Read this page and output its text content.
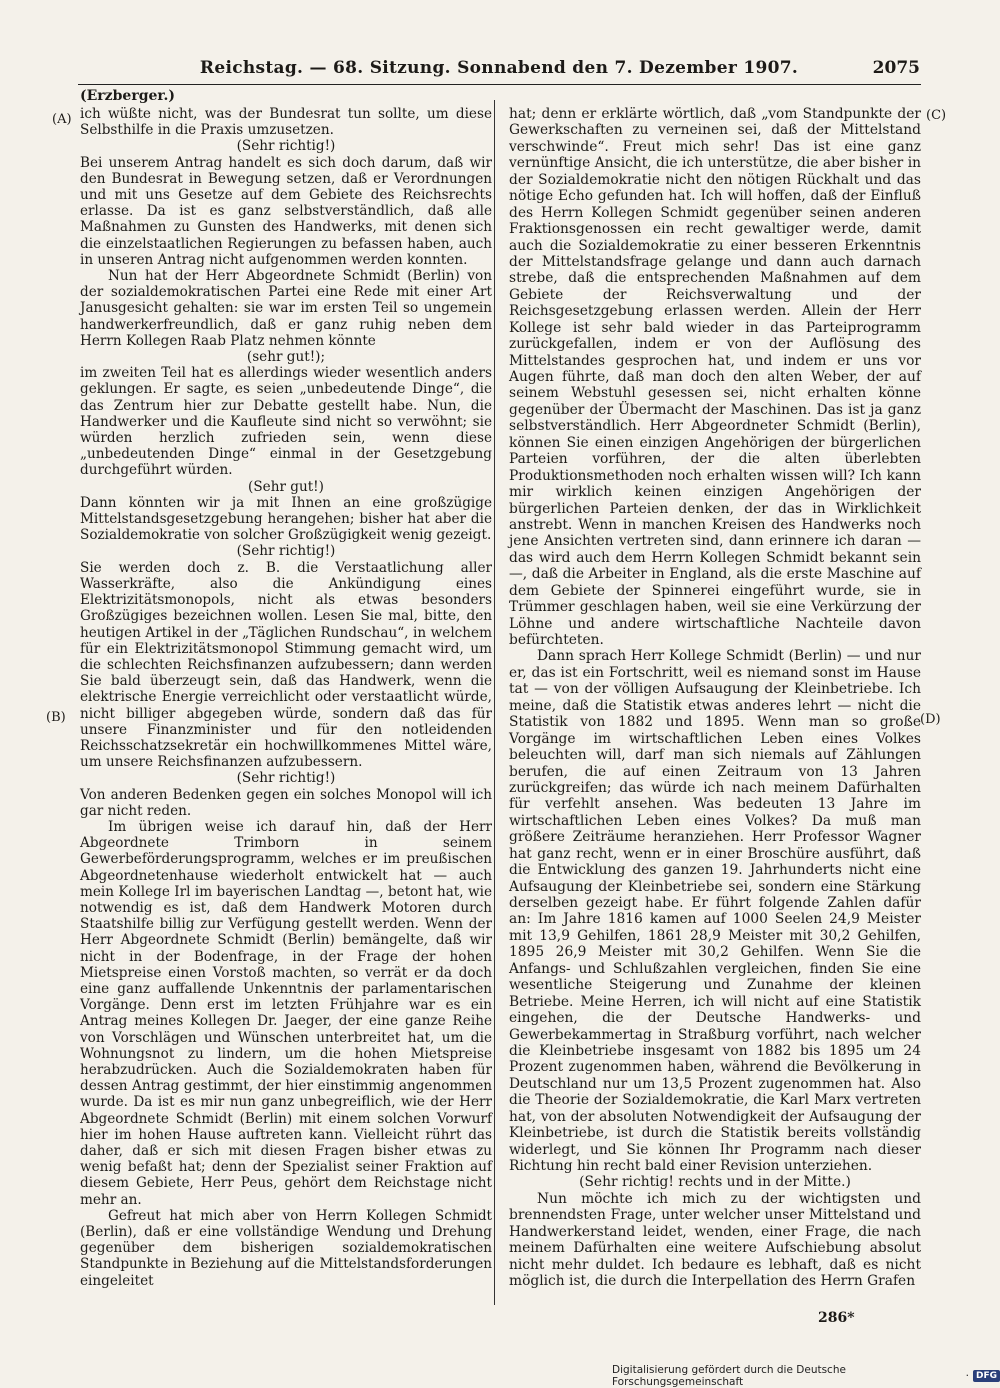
Reichstag. — 68. Sitzung. Sonnabend den 7. Dezember 1907.	2075
(Erzberger.)
(A)
(B)
(C)
(D)

ich wüßte nicht, was der Bundesrat tun sollte, um diese Selbsthilfe in die Praxis umzusetzen.

(Sehr richtig!)

Bei unserem Antrag handelt es sich doch darum, daß wir den Bundesrat in Bewegung setzen, daß er Verordnungen und mit uns Gesetze auf dem Gebiete des Reichsrechts erlasse. Da ist es ganz selbstverständlich, daß alle Maßnahmen zu Gunsten des Handwerks, mit denen sich die einzelstaatlichen Regierungen zu befassen haben, auch in unseren Antrag nicht aufgenommen werden konnten.

Nun hat der Herr Abgeordnete Schmidt (Berlin) von der sozialdemokratischen Partei eine Rede mit einer Art Janusgesicht gehalten: sie war im ersten Teil so ungemein handwerkerfreundlich, daß er ganz ruhig neben dem Herrn Kollegen Raab Platz nehmen könnte

(sehr gut!);

im zweiten Teil hat es allerdings wieder wesentlich anders geklungen. Er sagte, es seien „unbedeutende Dinge“, die das Zentrum hier zur Debatte gestellt habe. Nun, die Handwerker und die Kaufleute sind nicht so verwöhnt; sie würden herzlich zufrieden sein, wenn diese „unbedeutenden Dinge“ einmal in der Gesetzgebung durchgeführt würden.

(Sehr gut!)

Dann könnten wir ja mit Ihnen an eine großzügige Mittelstandsgesetzgebung herangehen; bisher hat aber die Sozialdemokratie von solcher Großzügigkeit wenig gezeigt.

(Sehr richtig!)

Sie werden doch z. B. die Verstaatlichung aller Wasserkräfte, also die Ankündigung eines Elektrizitätsmonopols, nicht als etwas besonders Großzügiges bezeichnen wollen. Lesen Sie mal, bitte, den heutigen Artikel in der „Täglichen Rundschau“, in welchem für ein Elektrizitätsmonopol Stimmung gemacht wird, um die schlechten Reichsfinanzen aufzubessern; dann werden Sie bald überzeugt sein, daß das Handwerk, wenn die elektrische Energie verreichlicht oder verstaatlicht würde, nicht billiger abgegeben würde, sondern daß das für unsere Finanzminister und für den notleidenden Reichsschatzsekretär ein hochwillkommenes Mittel wäre, um unsere Reichsfinanzen aufzubessern.

(Sehr richtig!)

Von anderen Bedenken gegen ein solches Monopol will ich gar nicht reden.

Im übrigen weise ich darauf hin, daß der Herr Abgeordnete Trimborn in seinem Gewerbeförderungsprogramm, welches er im preußischen Abgeordnetenhause wiederholt entwickelt hat — auch mein Kollege Irl im bayerischen Landtag —, betont hat, wie notwendig es ist, daß dem Handwerk Motoren durch Staatshilfe billig zur Verfügung gestellt werden. Wenn der Herr Abgeordnete Schmidt (Berlin) bemängelte, daß wir nicht in der Bodenfrage, in der Frage der hohen Mietspreise einen Vorstoß machten, so verrät er da doch eine ganz auffallende Unkenntnis der parlamentarischen Vorgänge. Denn erst im letzten Frühjahre war es ein Antrag meines Kollegen Dr. Jaeger, der eine ganze Reihe von Vorschlägen und Wünschen unterbreitet hat, um die Wohnungsnot zu lindern, um die hohen Mietspreise herabzudrücken. Auch die Sozialdemokraten haben für dessen Antrag gestimmt, der hier einstimmig angenommen wurde. Da ist es mir nun ganz unbegreiflich, wie der Herr Abgeordnete Schmidt (Berlin) mit einem solchen Vorwurf hier im hohen Hause auftreten kann. Vielleicht rührt das daher, daß er sich mit diesen Fragen bisher etwas zu wenig befaßt hat; denn der Spezialist seiner Fraktion auf diesem Gebiete, Herr Peus, gehört dem Reichstage nicht mehr an.

Gefreut hat mich aber von Herrn Kollegen Schmidt (Berlin), daß er eine vollständige Wendung und Drehung gegenüber dem bisherigen sozialdemokratischen Standpunkte in Beziehung auf die Mittelstandsforderungen eingeleitet

hat; denn er erklärte wörtlich, daß „vom Standpunkte der Gewerkschaften zu verneinen sei, daß der Mittelstand verschwinde“. Freut mich sehr! Das ist eine ganz vernünftige Ansicht, die ich unterstütze, die aber bisher in der Sozialdemokratie nicht den nötigen Rückhalt und das nötige Echo gefunden hat. Ich will hoffen, daß der Einfluß des Herrn Kollegen Schmidt gegenüber seinen anderen Fraktionsgenossen ein recht gewaltiger werde, damit auch die Sozialdemokratie zu einer besseren Erkenntnis der Mittelstandsfrage gelange und dann auch darnach strebe, daß die entsprechenden Maßnahmen auf dem Gebiete der Reichsverwaltung und der Reichsgesetzgebung erlassen werden. Allein der Herr Kollege ist sehr bald wieder in das Parteiprogramm zurückgefallen, indem er von der Auflösung des Mittelstandes gesprochen hat, und indem er uns vor Augen führte, daß man doch den alten Weber, der auf seinem Webstuhl gesessen sei, nicht erhalten könne gegenüber der Übermacht der Maschinen. Das ist ja ganz selbstverständlich. Herr Abgeordneter Schmidt (Berlin), können Sie einen einzigen Angehörigen der bürgerlichen Parteien vorführen, der die alten überlebten Produktionsmethoden noch erhalten wissen will? Ich kann mir wirklich keinen einzigen Angehörigen der bürgerlichen Parteien denken, der das in Wirklichkeit anstrebt. Wenn in manchen Kreisen des Handwerks noch jene Ansichten vertreten sind, dann erinnere ich daran — das wird auch dem Herrn Kollegen Schmidt bekannt sein —, daß die Arbeiter in England, als die erste Maschine auf dem Gebiete der Spinnerei eingeführt wurde, sie in Trümmer geschlagen haben, weil sie eine Verkürzung der Löhne und andere wirtschaftliche Nachteile davon befürchteten.

Dann sprach Herr Kollege Schmidt (Berlin) — und nur er, das ist ein Fortschritt, weil es niemand sonst im Hause tat — von der völligen Aufsaugung der Kleinbetriebe. Ich meine, daß die Statistik etwas anderes lehrt — nicht die Statistik von 1882 und 1895. Wenn man so große Vorgänge im wirtschaftlichen Leben eines Volkes beleuchten will, darf man sich niemals auf Zählungen berufen, die auf einen Zeitraum von 13 Jahren zurückgreifen; das würde ich nach meinem Dafürhalten für verfehlt ansehen. Was bedeuten 13 Jahre im wirtschaftlichen Leben eines Volkes? Da muß man größere Zeiträume heranziehen. Herr Professor Wagner hat ganz recht, wenn er in einer Broschüre ausführt, daß die Entwicklung des ganzen 19. Jahrhunderts nicht eine Aufsaugung der Kleinbetriebe sei, sondern eine Stärkung derselben gezeigt habe. Er führt folgende Zahlen dafür an: Im Jahre 1816 kamen auf 1000 Seelen 24,9 Meister mit 13,9 Gehilfen, 1861 28,9 Meister mit 30,2 Gehilfen, 1895 26,9 Meister mit 30,2 Gehilfen. Wenn Sie die Anfangs- und Schlußzahlen vergleichen, finden Sie eine wesentliche Steigerung und Zunahme der kleinen Betriebe. Meine Herren, ich will nicht auf eine Statistik eingehen, die der Deutsche Handwerks- und Gewerbekammertag in Straßburg vorführt, nach welcher die Kleinbetriebe insgesamt von 1882 bis 1895 um 24 Prozent zugenommen haben, während die Bevölkerung in Deutschland nur um 13,5 Prozent zugenommen hat. Also die Theorie der Sozialdemokratie, die Karl Marx vertreten hat, von der absoluten Notwendigkeit der Aufsaugung der Kleinbetriebe, ist durch die Statistik bereits vollständig widerlegt, und Sie können Ihr Programm nach dieser Richtung hin recht bald einer Revision unterziehen.

(Sehr richtig! rechts und in der Mitte.)

Nun möchte ich mich zu der wichtigsten und brennendsten Frage, unter welcher unser Mittelstand und Handwerkerstand leidet, wenden, einer Frage, die nach meinem Dafürhalten eine weitere Aufschiebung absolut nicht mehr duldet. Ich bedaure es lebhaft, daß es nicht möglich ist, die durch die Interpellation des Herrn Grafen

286*
Digitalisierung gefördert durch die Deutsche Forschungsgemeinschaft	· DFG
